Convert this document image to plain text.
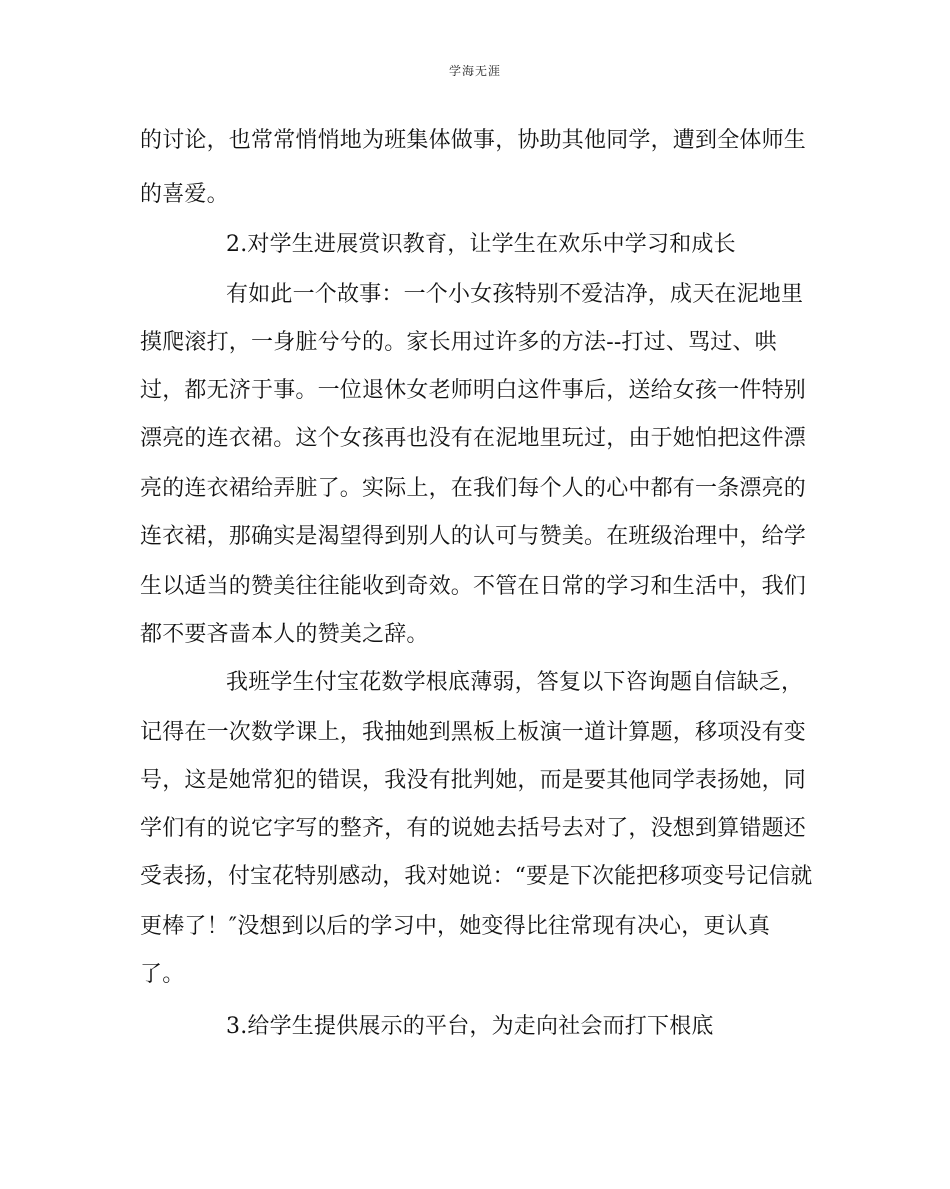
学海无涯
的讨论，也常常悄悄地为班集体做事，协助其他同学，遭到全体师生
的喜爱。
2.对学生进展赏识教育，让学生在欢乐中学习和成长
有如此一个故事：一个小女孩特别不爱洁净，成天在泥地里
摸爬滚打，一身脏兮兮的。家长用过许多的方法--打过、骂过、哄
过，都无济于事。一位退休女老师明白这件事后，送给女孩一件特别
漂亮的连衣裙。这个女孩再也没有在泥地里玩过，由于她怕把这件漂
亮的连衣裙给弄脏了。实际上，在我们每个人的心中都有一条漂亮的
连衣裙，那确实是渴望得到别人的认可与赞美。在班级治理中，给学
生以适当的赞美往往能收到奇效。不管在日常的学习和生活中，我们
都不要吝啬本人的赞美之辞。
我班学生付宝花数学根底薄弱，答复以下咨询题自信缺乏，
记得在一次数学课上，我抽她到黑板上板演一道计算题，移项没有变
号，这是她常犯的错误，我没有批判她，而是要其他同学表扬她，同
学们有的说它字写的整齐，有的说她去括号去对了，没想到算错题还
受表扬，付宝花特别感动，我对她说：“要是下次能把移项变号记信就
更棒了！″没想到以后的学习中，她变得比往常现有决心，更认真
了。
3.给学生提供展示的平台，为走向社会而打下根底
